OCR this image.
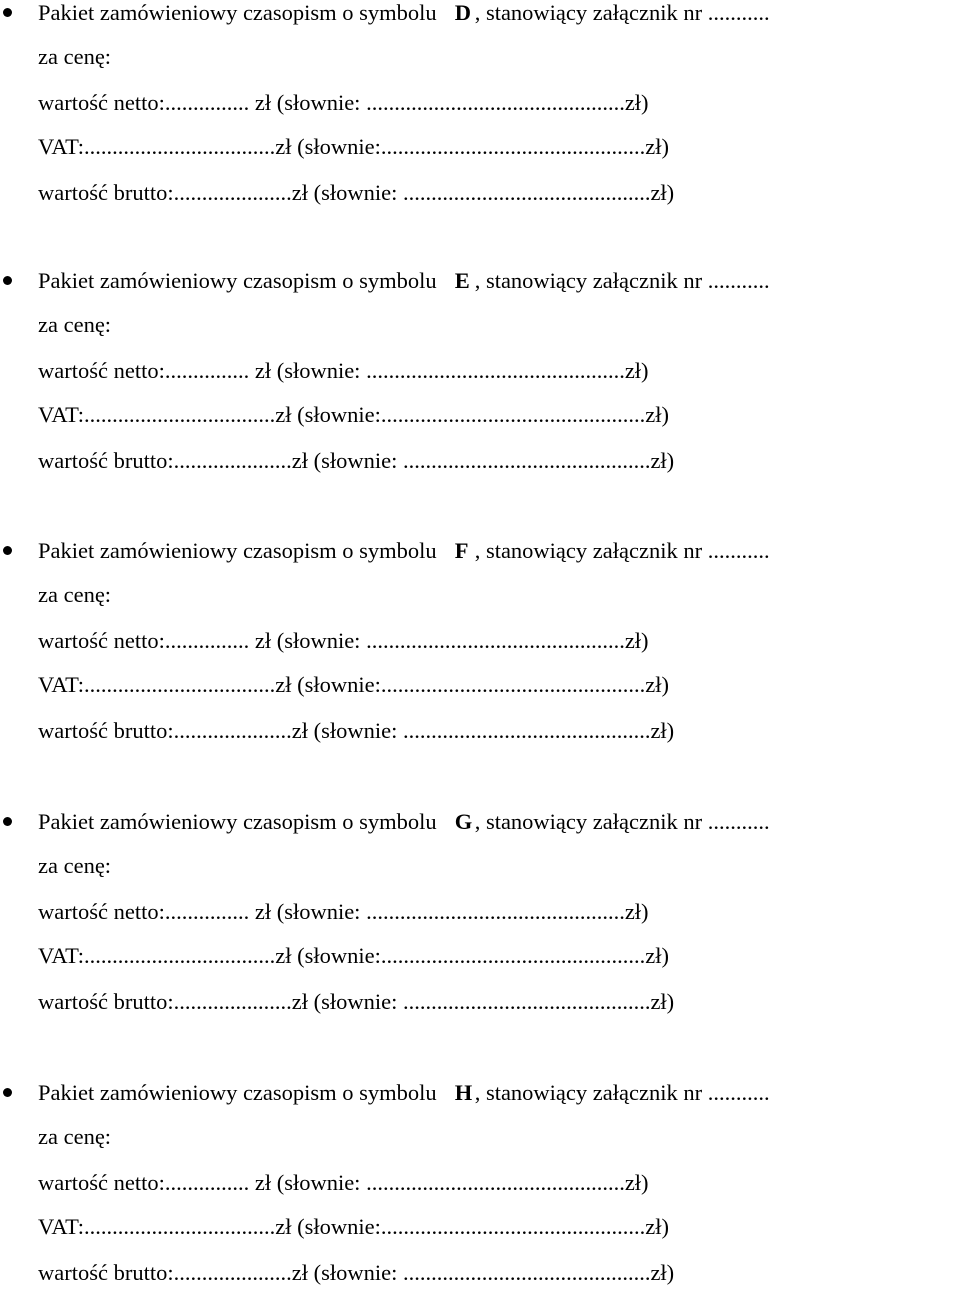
Pakiet zamówieniowy czasopism o symbolu D , stanowiący załącznik nr ...........
za cenę:
wartość netto:............... zł (słownie: ..............................................zł)
VAT:..................................zł (słownie:...............................................zł)
wartość brutto:.....................zł (słownie: ............................................zł)
Pakiet zamówieniowy czasopism o symbolu E , stanowiący załącznik nr ...........
za cenę:
wartość netto:............... zł (słownie: ..............................................zł)
VAT:..................................zł (słownie:...............................................zł)
wartość brutto:.....................zł (słownie: ............................................zł)
Pakiet zamówieniowy czasopism o symbolu F , stanowiący załącznik nr ...........
za cenę:
wartość netto:............... zł (słownie: ..............................................zł)
VAT:..................................zł (słownie:...............................................zł)
wartość brutto:.....................zł (słownie: ............................................zł)
Pakiet zamówieniowy czasopism o symbolu G , stanowiący załącznik nr ...........
za cenę:
wartość netto:............... zł (słownie: ..............................................zł)
VAT:..................................zł (słownie:...............................................zł)
wartość brutto:.....................zł (słownie: ............................................zł)
Pakiet zamówieniowy czasopism o symbolu H , stanowiący załącznik nr ...........
za cenę:
wartość netto:............... zł (słownie: ..............................................zł)
VAT:..................................zł (słownie:...............................................zł)
wartość brutto:.....................zł (słownie: ............................................zł)
